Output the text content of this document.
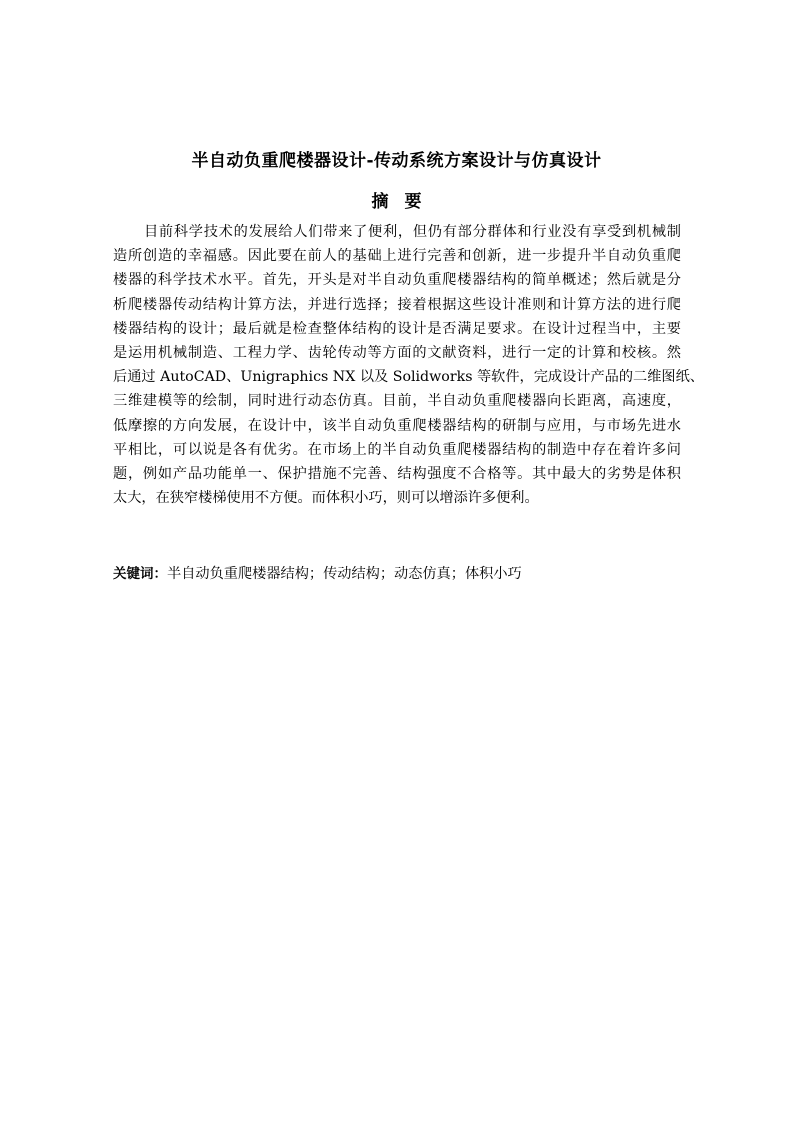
半自动负重爬楼器设计-传动系统方案设计与仿真设计
摘要
目前科学技术的发展给人们带来了便利，但仍有部分群体和行业没有享受到机械制
造所创造的幸福感。因此要在前人的基础上进行完善和创新，进一步提升半自动负重爬
楼器的科学技术水平。首先，开头是对半自动负重爬楼器结构的简单概述；然后就是分
析爬楼器传动结构计算方法，并进行选择；接着根据这些设计准则和计算方法的进行爬
楼器结构的设计；最后就是检查整体结构的设计是否满足要求。在设计过程当中，主要
是运用机械制造、工程力学、齿轮传动等方面的文献资料，进行一定的计算和校核。然
后通过 AutoCAD、Unigraphics NX 以及 Solidworks 等软件，完成设计产品的二维图纸、
三维建模等的绘制，同时进行动态仿真。目前，半自动负重爬楼器向长距离，高速度，
低摩擦的方向发展，在设计中，该半自动负重爬楼器结构的研制与应用，与市场先进水
平相比，可以说是各有优劣。在市场上的半自动负重爬楼器结构的制造中存在着许多问
题，例如产品功能单一、保护措施不完善、结构强度不合格等。其中最大的劣势是体积
太大，在狭窄楼梯使用不方便。而体积小巧，则可以增添许多便利。
关键词：半自动负重爬楼器结构；传动结构；动态仿真；体积小巧
